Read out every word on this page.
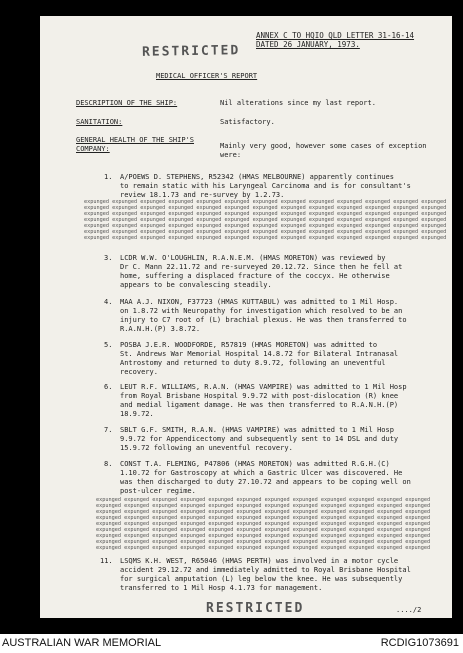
ANNEX C TO HQIO QLD LETTER 31-16-14
DATED 26 JANUARY, 1973.
RESTRICTED
MEDICAL OFFICER'S REPORT
DESCRIPTION OF THE SHIP:	Nil alterations since my last report.
SANITATION:	Satisfactory.
GENERAL HEALTH OF THE SHIP'S
COMPANY:	Mainly very good, however some cases of exception
were:
1. A/POEWS D. STEPHENS, R52342 (HMAS MELBOURNE) apparently continues
to remain static with his Laryngeal Carcinoma and is for consultant's
review 18.1.73 and re-survey by 1.2.73.
expunged expunged expunged expunged expunged expunged expunged expunged expunged expunged expunged expunged expunged expunged expunged expunged expunged expunged expunged expunged expunged expunged expunged expunged expunged expunged expunged expunged expunged expunged expunged expunged expunged expunged expunged expunged expunged expunged expunged expunged expunged expunged expunged expunged expunged expunged expunged expunged expunged expunged expunged expunged expunged expunged expunged expunged expunged expunged expunged expunged expunged expunged expunged expunged expunged expunged expunged expunged expunged expunged expunged expunged expunged expunged expunged expunged expunged expunged expunged expunged expunged expunged expunged expunged expunged expunged expunged expunged expunged expunged expunged
3. LCDR W.W. O'LOUGHLIN, R.A.N.E.M. (HMAS MORETON) was reviewed by
Dr C. Mann 22.11.72 and re-surveyed 20.12.72. Since then he fell at
home, suffering a displaced fracture of the coccyx. He otherwise
appears to be convalescing steadily.
4. MAA A.J. NIXON, F37723 (HMAS KUTTABUL) was admitted to 1 Mil Hosp.
on 1.8.72 with Neuropathy for investigation which resolved to be an
injury to C7 root of (L) brachial plexus. He was then transferred to
R.A.N.H.(P) 3.8.72.
5. POSBA J.E.R. WOODFORDE, R57819 (HMAS MORETON) was admitted to
St. Andrews War Memorial Hospital 14.8.72 for Bilateral Intranasal
Antrostomy and returned to duty 8.9.72, following an uneventful
recovery.
6. LEUT R.F. WILLIAMS, R.A.N. (HMAS VAMPIRE) was admitted to 1 Mil Hosp
from Royal Brisbane Hospital 9.9.72 with post-dislocation (R) knee
and medial ligament damage. He was then transferred to R.A.N.H.(P)
18.9.72.
7. SBLT G.F. SMITH, R.A.N. (HMAS VAMPIRE) was admitted to 1 Mil Hosp
9.9.72 for Appendicectomy and subsequently sent to 14 DSL and duty
15.9.72 following an uneventful recovery.
8. CONST T.A. FLEMING, P47806 (HMAS MORETON) was admitted R.G.H.(C)
1.10.72 for Gastroscopy at which a Gastric Ulcer was discovered. He
was then discharged to duty 27.10.72 and appears to be coping well on
post-ulcer regime.
expunged expunged expunged expunged expunged expunged expunged expunged expunged expunged expunged expunged expunged expunged expunged expunged expunged expunged expunged expunged expunged expunged expunged expunged expunged expunged expunged expunged expunged expunged expunged expunged expunged expunged expunged expunged expunged expunged expunged expunged expunged expunged expunged expunged expunged expunged expunged expunged expunged expunged expunged expunged expunged expunged expunged expunged expunged expunged expunged expunged expunged expunged expunged expunged expunged expunged expunged expunged expunged expunged expunged expunged expunged expunged expunged expunged expunged expunged expunged expunged expunged expunged expunged expunged expunged expunged expunged expunged expunged expunged expunged expunged expunged expunged expunged expunged expunged expunged expunged expunged expunged expunged expunged expunged expunged expunged expunged expunged
11. LSQMS K.H. WEST, R65046 (HMAS PERTH) was involved in a motor cycle
accident 29.12.72 and immediately admitted to Royal Brisbane Hospital
for surgical amputation (L) leg below the knee. He was subsequently
transferred to 1 Mil Hosp 4.1.73 for management.
RESTRICTED	..../2
AUSTRALIAN WAR MEMORIAL	RCDIG1073691
